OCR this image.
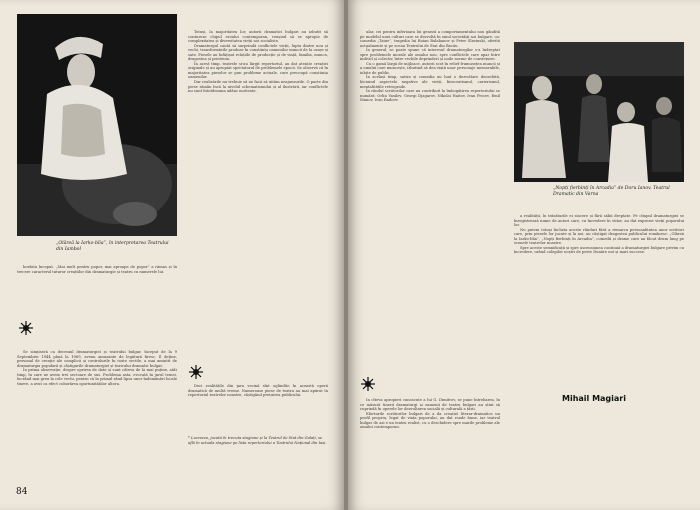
„Olăreă la Iarko-bîia”, în interpretarea Teatrului din Iambol

borâsta început. „Mai mult pentru popor, mai aproape de popor” a rămas și în trecere caracterul tuturor creațiilor din dramaturgie și teatru cu numerele lui.

Se simțiseră ca deceniul dramaturgiei și teatrului bulgar, început de la 9 Septembrie 1944 până la 1969, aveau amuzante de legătură firesc. Il deține, personal de creație ale complicii și controlurile în toate sectile, a mai amintit de dramaturgia populară și câștigurile dramaturgiei și teatrului dramatic bulgar.

În prima observație, despre oprirea de date și sunt câteva de la mai puține, atât timp, în care ne avem trei sectoare de sus. Problema asta, evocată în jurul temei, lucrând mai greu la cele vechi, pentru că în primul rând lipsa unor îndemânări locale tinere, a avut ca efect coborârea oportunităților altora.

Totuși, la majoritatea lor, autorii dramatici bulgari au izbutit să contureze chipul eroului contemporan, reușind să se apropie de complexitatea și diversitatea vieții noi socialiste.

Dramaturgul caută să surprindă conflictele vieții, lupta dintre nou și vechi, transformările produse în conștiința oamenilor muncii de la orașe și sate. Piesele au înfățișat relațiile de producție și de viață, familia, munca, dragostea și prietenia.

În acest timp, teatrele și-au lărgit repertoriul, au dat atenție creației originale și au apropiat spectatorul de problemele epocii. Se observă că în majoritatea pieselor se pun probleme actuale, care preocupă conștiința oamenilor.

Dar realizările nu trebuie să ne facă să uităm neajunsurile. O parte din piese rămân încă la nivelul schematismului și al ilustrării, iar conflictele nu sunt întotdeauna adânc motivate.

Deci realitățile din ţara vecină sînt oglindite în această operă dramatică de multă vreme. Numeroase piese de teatru au mai apărut în repertoriul teatrelor noastre, câștigând prețuirea publicului.

* Lucrarea, jucată în trecuta stagiune și la Teatrul de Stat din Galați, se află în actuala stagiune pe lista repertoriului a Teatrului Național din Iași.
84

ular, cei pentru inferioara lui geneză a comportamentului nou gândită pe modelul unei culturi care se dezvoltă în sinul societății noi bulgare, ca: comedia „Taine”, tragedia lui Boian Balabanov și Peter Slavinski, oferită actualmente și pe scena Teatrului de Stat din Bacău.

În general, se poate spune că interesul dramaturgilor s-a îndreptat spre problemele morale ale omului nou, spre conflictele care apar între individ și colectiv, între vechile deprinderi și noile norme de conviețuire.

Cu o gamă largă de mijloace, autorii scot în relief frumusețea muncii și a omului care muncește, izbutind să dea viață unor personaje memorabile, iubite de public.

În același timp, satira și comedia au luat o dezvoltare deosebită, biciuind aspectele negative ale vieții, birocratismul, carierismul, mentalitățile retrograde.

În rândul scriitorilor care au contribuit la îmbogățirea repertoriului se numără: Orlin Vasilev, Georgi Djagarov, Nikolai Haitov, Ivan Peicev, Emil Manov, Ivan Radoev.

În cîteva apropieri cunoscute a lui G. Dimitrov, se pune întrebarea, în ce măsură tinerii dramaturgi și oamenii de teatru bulgari au știut să cuprindă în operele lor dezvoltarea socială și culturală a țării.

Eforturile scriitorilor bulgari de a da creației literar-dramatice un profil propriu, legat de viața poporului, au dat roade bune, iar teatrul bulgar de azi e un teatru realist, cu o deschidere spre marile probleme ale omului contemporan.

„Nopți fierbinți în Arcadia” de Doru Ianov. Teatrul Dramatic din Varna

a realității, în trăsăturile ei sincere și fără săbii dreptate. Pe cîmpul dramaturgiei se înregistrează nume de autori care, cu încredere în viitor, au dat expresie vieții poporului lor.

Nu putem totuși încheia aceste rânduri fără a remarca personalitatea unor scriitori care, prin piesele lor jucate și la noi, au câștigat dragostea publicului românesc: „Olăreă la Iarko-bîia”, „Nopți fierbinți în Arcadia”, comedii și drame care au făcut drum lung pe scenele teatrelor noastre.

Spre aceste semnificații și spre ascensiunea continuă a dramaturgiei bulgare privim cu încredere, urând colegilor noștri de peste Dunăre noi și mari succese.

Mihail Magiari
